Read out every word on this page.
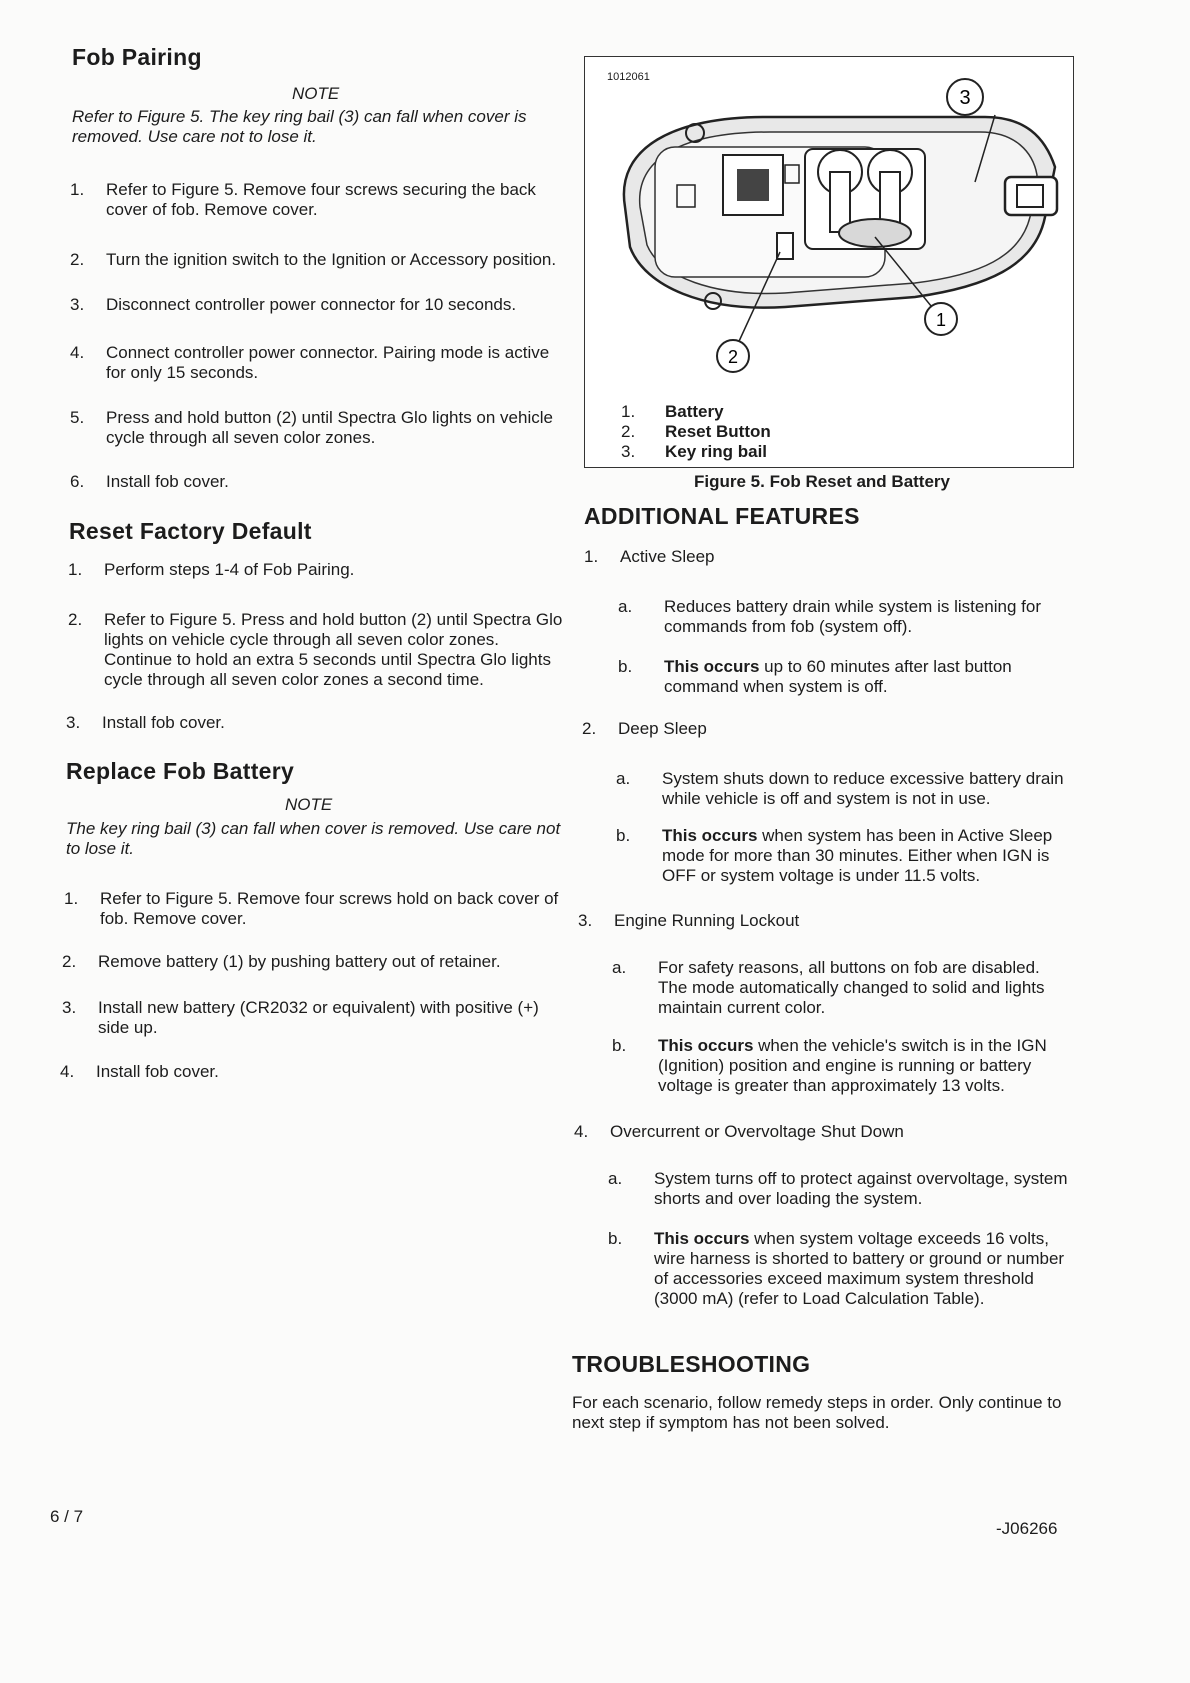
Fob Pairing
NOTE
Refer to Figure 5. The key ring bail (3) can fall when cover is removed. Use care not to lose it.
1.	Refer to Figure 5. Remove four screws securing the back cover of fob. Remove cover.
2.	Turn the ignition switch to the Ignition or Accessory position.
3.	Disconnect controller power connector for 10 seconds.
4.	Connect controller power connector. Pairing mode is active for only 15 seconds.
5.	Press and hold button (2) until Spectra Glo lights on vehicle cycle through all seven color zones.
6.	Install fob cover.
Reset Factory Default
1.	Perform steps 1-4 of Fob Pairing.
2.	Refer to Figure 5. Press and hold button (2) until Spectra Glo lights on vehicle cycle through all seven color zones. Continue to hold an extra 5 seconds until Spectra Glo lights cycle through all seven color zones a second time.
3.	Install fob cover.
Replace Fob Battery
NOTE
The key ring bail (3) can fall when cover is removed. Use care not to lose it.
1.	Refer to Figure 5. Remove four screws hold on back cover of fob. Remove cover.
2.	Remove battery (1) by pushing battery out of retainer.
3.	Install new battery (CR2032 or equivalent) with positive (+) side up.
4.	Install fob cover.
1012061
3
1
2
1.	Battery
2.	Reset Button
3.	Key ring bail
Figure 5. Fob Reset and Battery
ADDITIONAL FEATURES
1.	Active Sleep
a.	Reduces battery drain while system is listening for commands from fob (system off).
b.	This occurs up to 60 minutes after last button command when system is off.
2.	Deep Sleep
a.	System shuts down to reduce excessive battery drain while vehicle is off and system is not in use.
b.	This occurs when system has been in Active Sleep mode for more than 30 minutes. Either when IGN is OFF or system voltage is under 11.5 volts.
3.	Engine Running Lockout
a.	For safety reasons, all buttons on fob are disabled. The mode automatically changed to solid and lights maintain current color.
b.	This occurs when the vehicle's switch is in the IGN (Ignition) position and engine is running or battery voltage is greater than approximately 13 volts.
4.	Overcurrent or Overvoltage Shut Down
a.	System turns off to protect against overvoltage, system shorts and over loading the system.
b.	This occurs when system voltage exceeds 16 volts, wire harness is shorted to battery or ground or number of accessories exceed maximum system threshold (3000 mA) (refer to Load Calculation Table).
TROUBLESHOOTING
For each scenario, follow remedy steps in order. Only continue to next step if symptom has not been solved.
6 / 7
-J06266
